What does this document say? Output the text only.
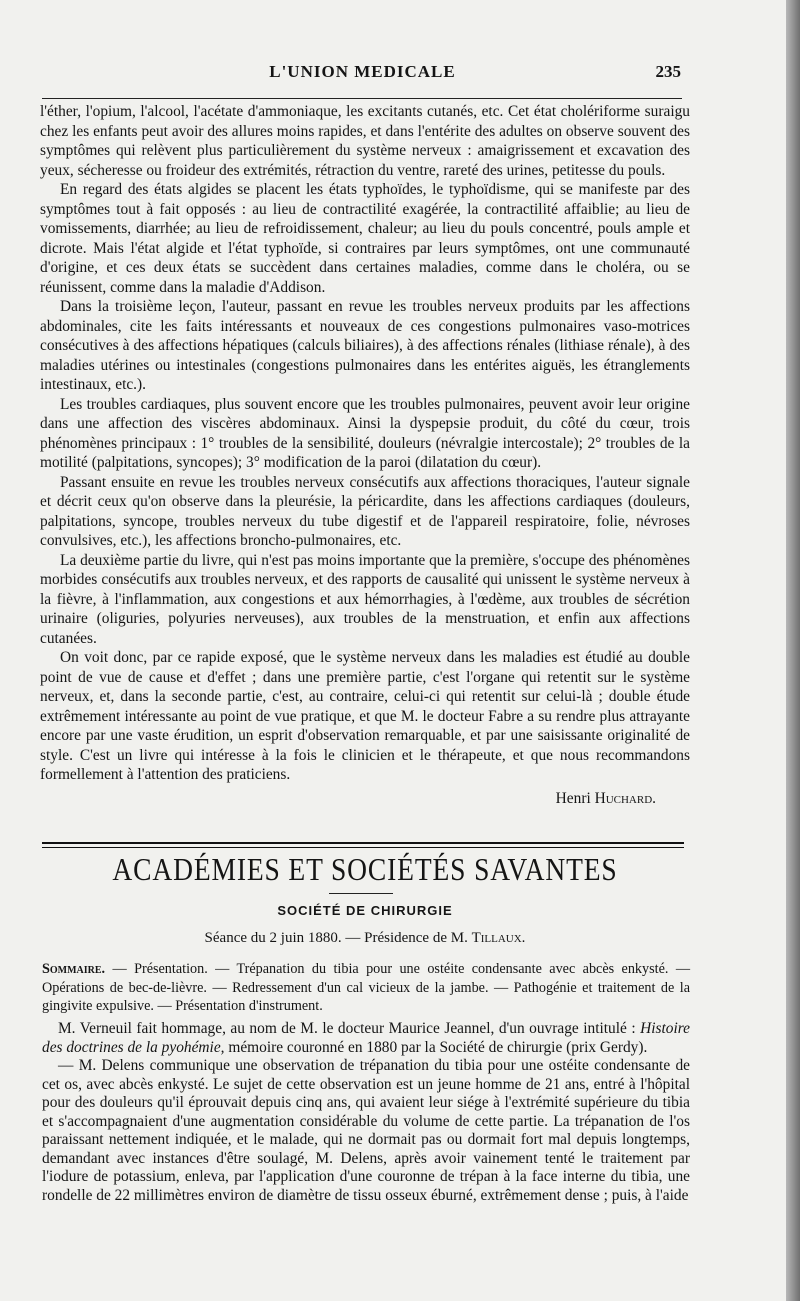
L'UNION MEDICALE	235

l'éther, l'opium, l'alcool, l'acétate d'ammoniaque, les excitants cutanés, etc. Cet état cholériforme suraigu chez les enfants peut avoir des allures moins rapides, et dans l'entérite des adultes on observe souvent des symptômes qui relèvent plus particulièrement du système nerveux : amaigrissement et excavation des yeux, sécheresse ou froideur des extrémités, rétraction du ventre, rareté des urines, petitesse du pouls.

En regard des états algides se placent les états typhoïdes, le typhoïdisme, qui se manifeste par des symptômes tout à fait opposés : au lieu de contractilité exagérée, la contractilité affaiblie; au lieu de vomissements, diarrhée; au lieu de refroidissement, chaleur; au lieu du pouls concentré, pouls ample et dicrote. Mais l'état algide et l'état typhoïde, si contraires par leurs symptômes, ont une communauté d'origine, et ces deux états se succèdent dans certaines maladies, comme dans le choléra, ou se réunissent, comme dans la maladie d'Addison.

Dans la troisième leçon, l'auteur, passant en revue les troubles nerveux produits par les affections abdominales, cite les faits intéressants et nouveaux de ces congestions pulmonaires vaso-motrices consécutives à des affections hépatiques (calculs biliaires), à des affections rénales (lithiase rénale), à des maladies utérines ou intestinales (congestions pulmonaires dans les entérites aiguës, les étranglements intestinaux, etc.).

Les troubles cardiaques, plus souvent encore que les troubles pulmonaires, peuvent avoir leur origine dans une affection des viscères abdominaux. Ainsi la dyspepsie produit, du côté du cœur, trois phénomènes principaux : 1° troubles de la sensibilité, douleurs (névralgie intercostale); 2° troubles de la motilité (palpitations, syncopes); 3° modification de la paroi (dilatation du cœur).

Passant ensuite en revue les troubles nerveux consécutifs aux affections thoraciques, l'auteur signale et décrit ceux qu'on observe dans la pleurésie, la péricardite, dans les affections cardiaques (douleurs, palpitations, syncope, troubles nerveux du tube digestif et de l'appareil respiratoire, folie, névroses convulsives, etc.), les affections broncho-pulmonaires, etc.

La deuxième partie du livre, qui n'est pas moins importante que la première, s'occupe des phénomènes morbides consécutifs aux troubles nerveux, et des rapports de causalité qui unissent le système nerveux à la fièvre, à l'inflammation, aux congestions et aux hémorrhagies, à l'œdème, aux troubles de sécrétion urinaire (oliguries, polyuries nerveuses), aux troubles de la menstruation, et enfin aux affections cutanées.

On voit donc, par ce rapide exposé, que le système nerveux dans les maladies est étudié au double point de vue de cause et d'effet ; dans une première partie, c'est l'organe qui retentit sur le système nerveux, et, dans la seconde partie, c'est, au contraire, celui-ci qui retentit sur celui-là ; double étude extrêmement intéressante au point de vue pratique, et que M. le docteur Fabre a su rendre plus attrayante encore par une vaste érudition, un esprit d'observation remarquable, et par une saisissante originalité de style. C'est un livre qui intéresse à la fois le clinicien et le thérapeute, et que nous recommandons formellement à l'attention des praticiens.

Henri Huchard.
ACADÉMIES ET SOCIÉTÉS SAVANTES
SOCIÉTÉ DE CHIRURGIE
Séance du 2 juin 1880. — Présidence de M. Tillaux.
Sommaire. — Présentation. — Trépanation du tibia pour une ostéite condensante avec abcès enkysté. — Opérations de bec-de-lièvre. — Redressement d'un cal vicieux de la jambe. — Pathogénie et traitement de la gingivite expulsive. — Présentation d'instrument.

M. Verneuil fait hommage, au nom de M. le docteur Maurice Jeannel, d'un ouvrage intitulé : Histoire des doctrines de la pyohémie, mémoire couronné en 1880 par la Société de chirurgie (prix Gerdy).

— M. Delens communique une observation de trépanation du tibia pour une ostéite condensante de cet os, avec abcès enkysté. Le sujet de cette observation est un jeune homme de 21 ans, entré à l'hôpital pour des douleurs qu'il éprouvait depuis cinq ans, qui avaient leur siége à l'extrémité supérieure du tibia et s'accompagnaient d'une augmentation considérable du volume de cette partie. La trépanation de l'os paraissant nettement indiquée, et le malade, qui ne dormait pas ou dormait fort mal depuis longtemps, demandant avec instances d'être soulagé, M. Delens, après avoir vainement tenté le traitement par l'iodure de potassium, enleva, par l'application d'une couronne de trépan à la face interne du tibia, une rondelle de 22 millimètres environ de diamètre de tissu osseux éburné, extrêmement dense ; puis, à l'aide
